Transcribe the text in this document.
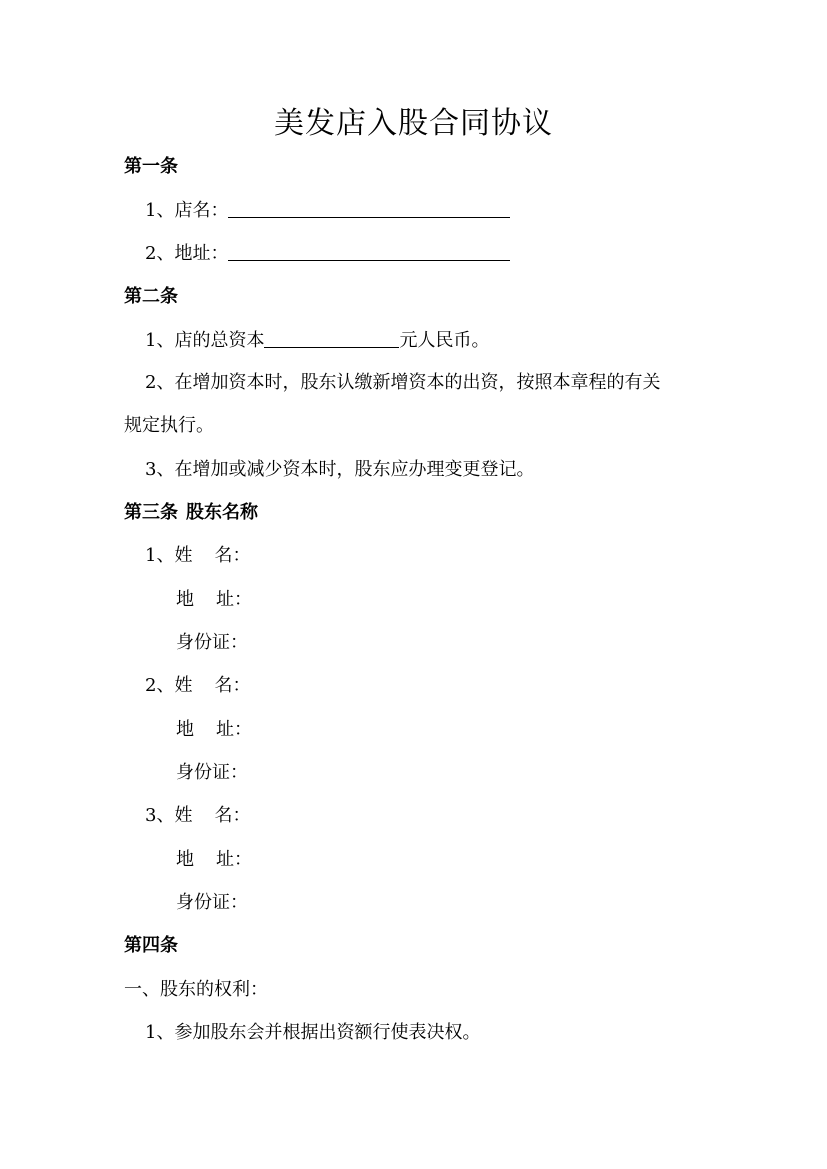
美发店入股合同协议
第一条
1、店名：
2、地址：
第二条
1、店的总资本	元人民币。
2、在增加资本时，股东认缴新增资本的出资，按照本章程的有关
规定执行。
3、在增加或减少资本时，股东应办理变更登记。
第三条 股东名称
1、姓 名：
地 址：
身份证：
2、姓 名：
地 址：
身份证：
3、姓 名：
地 址：
身份证：
第四条
一、股东的权利：
1、参加股东会并根据出资额行使表决权。
